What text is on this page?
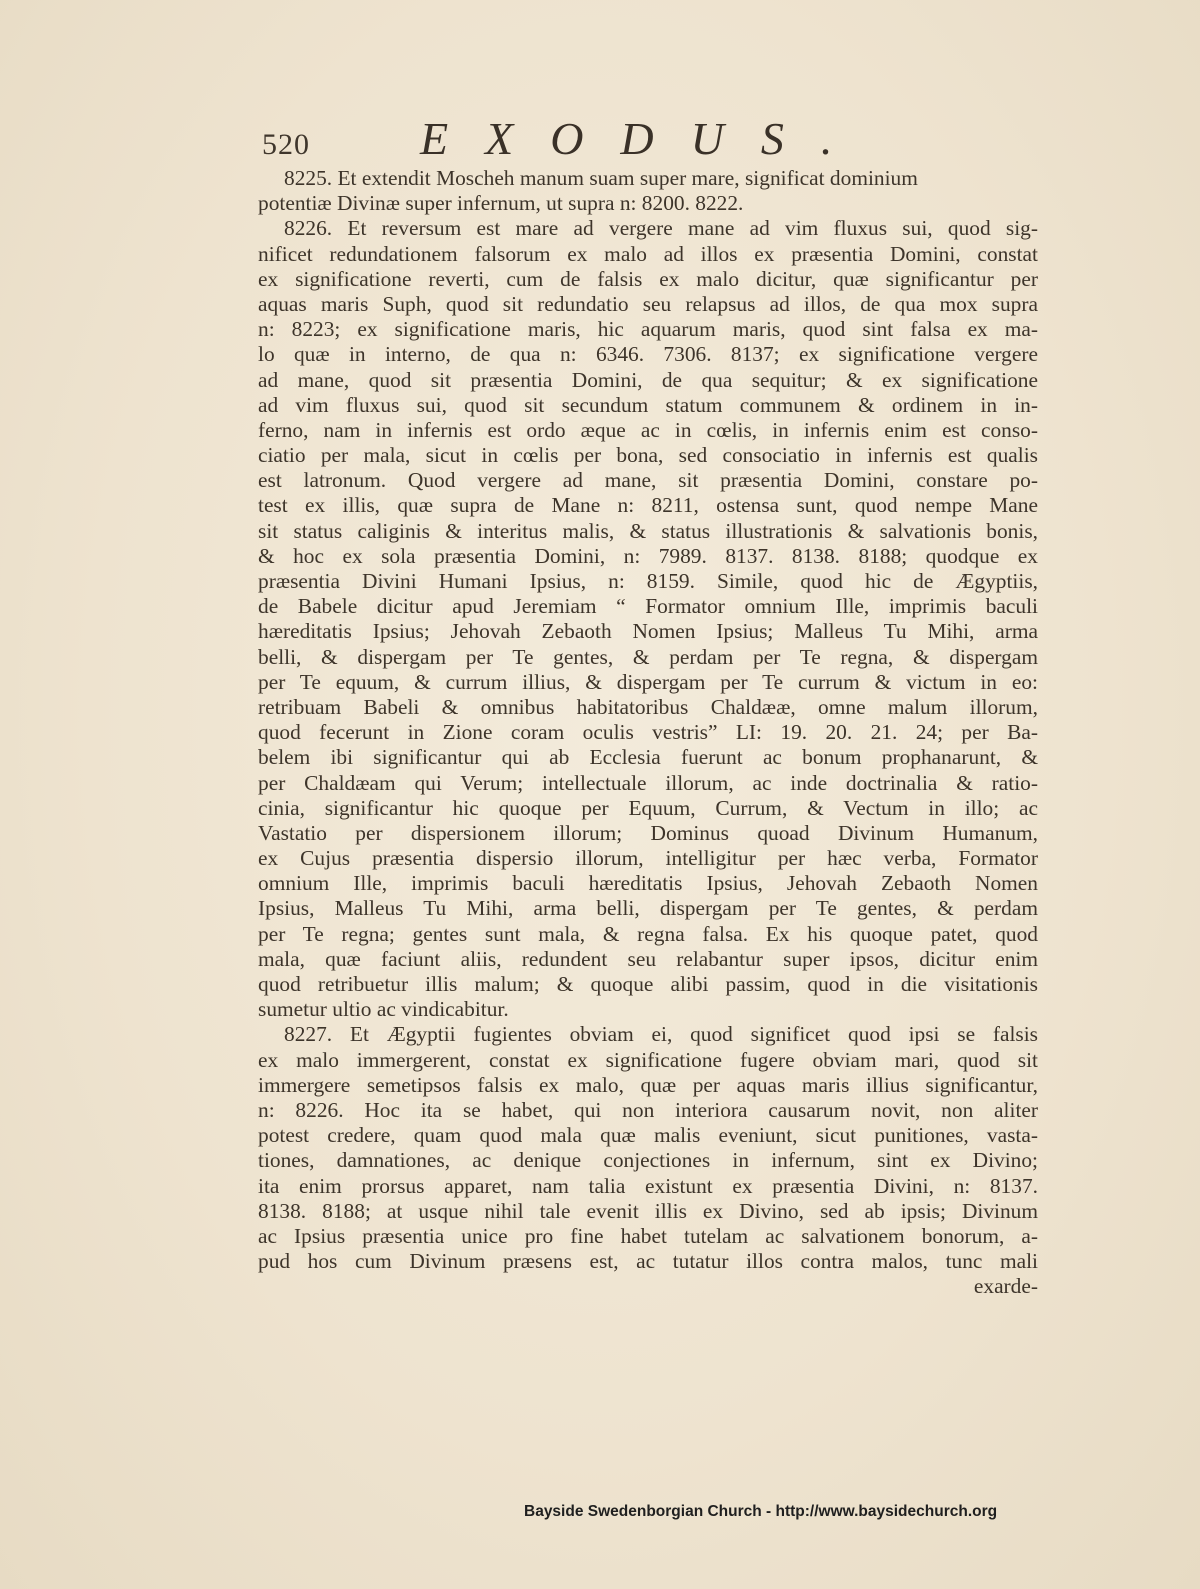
520 EXODUS.
8225. Et extendit Moscheh manum suam super mare, significat dominium
potentiæ Divinæ super infernum, ut supra n: 8200. 8222.
8226. Et reversum est mare ad vergere mane ad vim fluxus sui, quod sig-
nificet redundationem falsorum ex malo ad illos ex præsentia Domini, constat
ex significatione reverti, cum de falsis ex malo dicitur, quæ significantur per
aquas maris Suph, quod sit redundatio seu relapsus ad illos, de qua mox supra
n: 8223; ex significatione maris, hic aquarum maris, quod sint falsa ex ma-
lo quæ in interno, de qua n: 6346. 7306. 8137; ex significatione vergere
ad mane, quod sit præsentia Domini, de qua sequitur; & ex significatione
ad vim fluxus sui, quod sit secundum statum communem & ordinem in in-
ferno, nam in infernis est ordo æque ac in cœlis, in infernis enim est conso-
ciatio per mala, sicut in cœlis per bona, sed consociatio in infernis est qualis
est latronum. Quod vergere ad mane, sit præsentia Domini, constare po-
test ex illis, quæ supra de Mane n: 8211, ostensa sunt, quod nempe Mane
sit status caliginis & interitus malis, & status illustrationis & salvationis bonis,
& hoc ex sola præsentia Domini, n: 7989. 8137. 8138. 8188; quodque ex
præsentia Divini Humani Ipsius, n: 8159. Simile, quod hic de Ægyptiis,
de Babele dicitur apud Jeremiam “ Formator omnium Ille, imprimis baculi
hæreditatis Ipsius; Jehovah Zebaoth Nomen Ipsius; Malleus Tu Mihi, arma
belli, & dispergam per Te gentes, & perdam per Te regna, & dispergam
per Te equum, & currum illius, & dispergam per Te currum & victum in eo:
retribuam Babeli & omnibus habitatoribus Chaldææ, omne malum illorum,
quod fecerunt in Zione coram oculis vestris” LI: 19. 20. 21. 24; per Ba-
belem ibi significantur qui ab Ecclesia fuerunt ac bonum prophanarunt, &
per Chaldæam qui Verum; intellectuale illorum, ac inde doctrinalia & ratio-
cinia, significantur hic quoque per Equum, Currum, & Vectum in illo; ac
Vastatio per dispersionem illorum; Dominus quoad Divinum Humanum,
ex Cujus præsentia dispersio illorum, intelligitur per hæc verba, Formator
omnium Ille, imprimis baculi hæreditatis Ipsius, Jehovah Zebaoth Nomen
Ipsius, Malleus Tu Mihi, arma belli, dispergam per Te gentes, & perdam
per Te regna; gentes sunt mala, & regna falsa. Ex his quoque patet, quod
mala, quæ faciunt aliis, redundent seu relabantur super ipsos, dicitur enim
quod retribuetur illis malum; & quoque alibi passim, quod in die visitationis
sumetur ultio ac vindicabitur.
8227. Et Ægyptii fugientes obviam ei, quod significet quod ipsi se falsis
ex malo immergerent, constat ex significatione fugere obviam mari, quod sit
immergere semetipsos falsis ex malo, quæ per aquas maris illius significantur,
n: 8226. Hoc ita se habet, qui non interiora causarum novit, non aliter
potest credere, quam quod mala quæ malis eveniunt, sicut punitiones, vasta-
tiones, damnationes, ac denique conjectiones in infernum, sint ex Divino;
ita enim prorsus apparet, nam talia existunt ex præsentia Divini, n: 8137.
8138. 8188; at usque nihil tale evenit illis ex Divino, sed ab ipsis; Divinum
ac Ipsius præsentia unice pro fine habet tutelam ac salvationem bonorum, a-
pud hos cum Divinum præsens est, ac tutatur illos contra malos, tunc mali
exarde-
Bayside Swedenborgian Church - http://www.baysidechurch.org
